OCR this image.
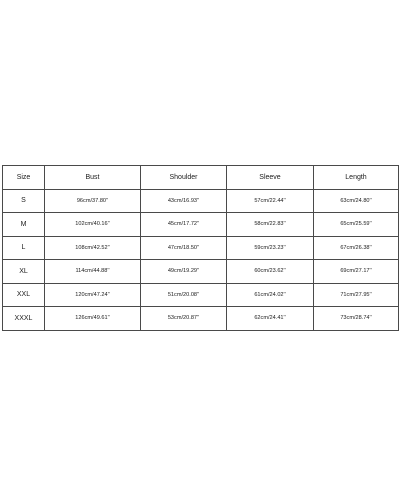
Size	Bust	Shoulder	Sleeve	Length
S	96cm/37.80''	43cm/16.93''	57cm/22.44''	63cm/24.80''
M	102cm/40.16''	45cm/17.72''	58cm/22.83''	65cm/25.59''
L	108cm/42.52''	47cm/18.50''	59cm/23.23''	67cm/26.38''
XL	114cm/44.88''	49cm/19.29''	60cm/23.62''	69cm/27.17''
XXL	120cm/47.24''	51cm/20.08''	61cm/24.02''	71cm/27.95''
XXXL	126cm/49.61''	53cm/20.87''	62cm/24.41''	73cm/28.74''
